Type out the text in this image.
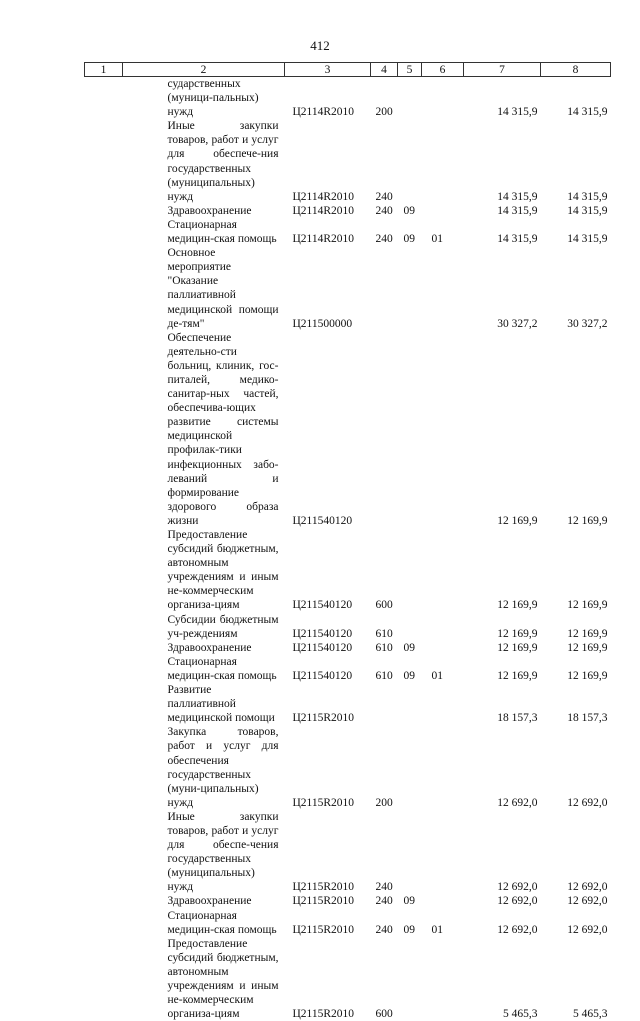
412
1	2	3	4	5	6	7	8
	сударственных (муници-пальных) нужд	Ц2114R2010	200			14 315,9	14 315,9
	Иные закупки товаров, работ и услуг для обеспече-ния государственных (муниципальных) нужд	Ц2114R2010	240			14 315,9	14 315,9
	Здравоохранение	Ц2114R2010	240	09		14 315,9	14 315,9
	Стационарная медицин-ская помощь	Ц2114R2010	240	09	01	14 315,9	14 315,9
	Основное мероприятие "Оказание паллиативной медицинской помощи де-тям"	Ц211500000				30 327,2	30 327,2
	Обеспечение деятельно-сти больниц, клиник, гос-питалей, медико-санитар-ных частей, обеспечива-ющих развитие системы медицинской профилак-тики инфекционных забо-леваний и формирование здорового образа жизни	Ц211540120				12 169,9	12 169,9
	Предоставление субсидий бюджетным, автономным учреждениям и иным не-коммерческим организа-циям	Ц211540120	600			12 169,9	12 169,9
	Субсидии бюджетным уч-реждениям	Ц211540120	610			12 169,9	12 169,9
	Здравоохранение	Ц211540120	610	09		12 169,9	12 169,9
	Стационарная медицин-ская помощь	Ц211540120	610	09	01	12 169,9	12 169,9
	Развитие паллиативной медицинской помощи	Ц2115R2010				18 157,3	18 157,3
	Закупка товаров, работ и услуг для обеспечения государственных (муни-ципальных) нужд	Ц2115R2010	200			12 692,0	12 692,0
	Иные закупки товаров, работ и услуг для обеспе-чения государственных (муниципальных) нужд	Ц2115R2010	240			12 692,0	12 692,0
	Здравоохранение	Ц2115R2010	240	09		12 692,0	12 692,0
	Стационарная медицин-ская помощь	Ц2115R2010	240	09	01	12 692,0	12 692,0
	Предоставление субсидий бюджетным, автономным учреждениям и иным не-коммерческим организа-циям	Ц2115R2010	600			5 465,3	5 465,3
